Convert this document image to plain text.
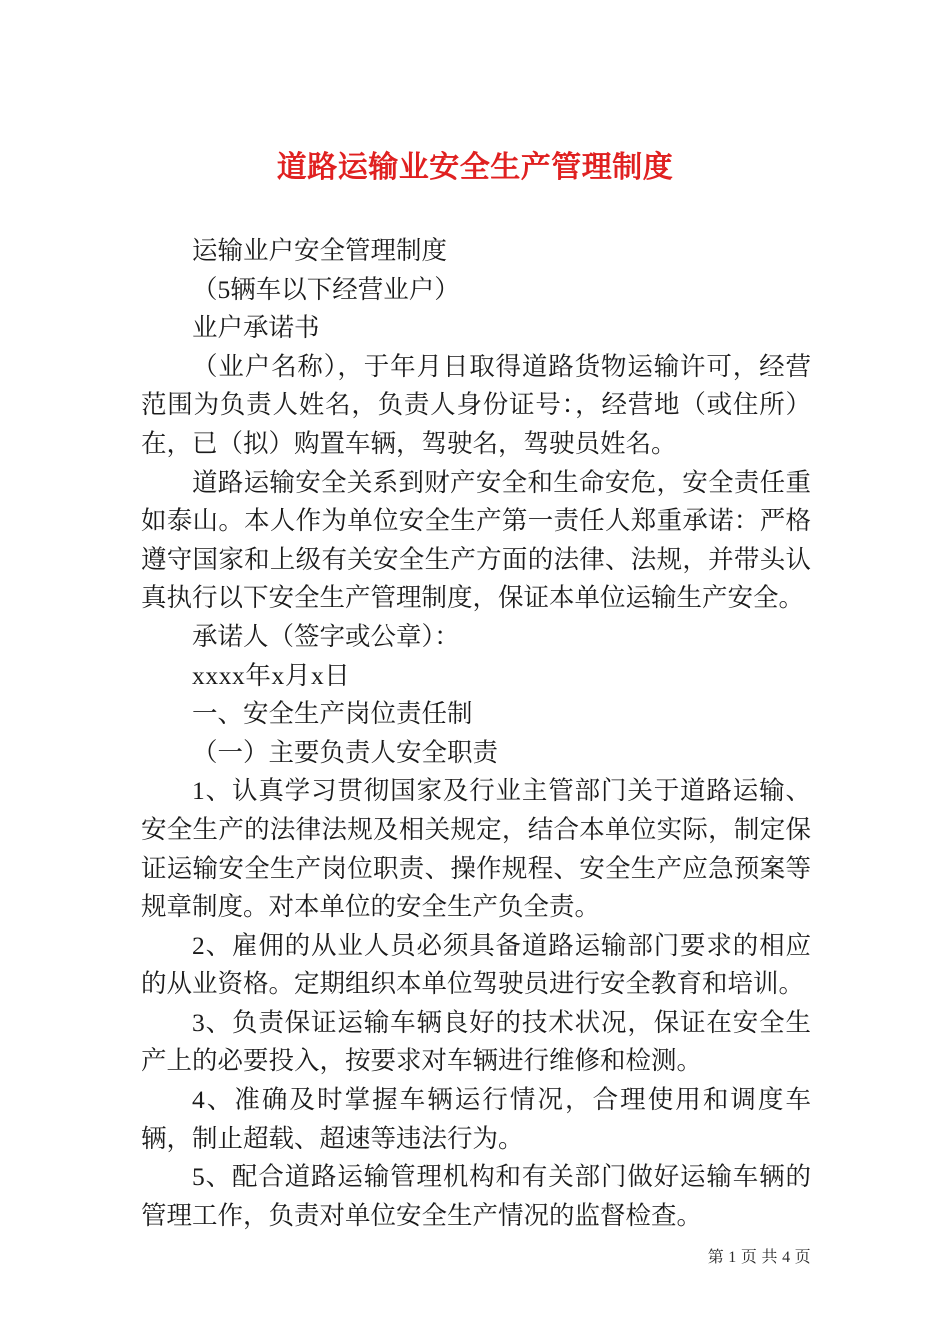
道路运输业安全生产管理制度

运输业户安全管理制度

（5辆车以下经营业户）

业户承诺书

（业户名称），于年月日取得道路货物运输许可，经营范围为负责人姓名，负责人身份证号：，经营地（或住所）在，已（拟）购置车辆，驾驶名，驾驶员姓名。

道路运输安全关系到财产安全和生命安危，安全责任重如泰山。本人作为单位安全生产第一责任人郑重承诺：严格遵守国家和上级有关安全生产方面的法律、法规，并带头认真执行以下安全生产管理制度，保证本单位运输生产安全。

承诺人（签字或公章）：

xxxx年x月x日

一、安全生产岗位责任制

（一）主要负责人安全职责

1、认真学习贯彻国家及行业主管部门关于道路运输、安全生产的法律法规及相关规定，结合本单位实际，制定保证运输安全生产岗位职责、操作规程、安全生产应急预案等规章制度。对本单位的安全生产负全责。

2、雇佣的从业人员必须具备道路运输部门要求的相应的从业资格。定期组织本单位驾驶员进行安全教育和培训。

3、负责保证运输车辆良好的技术状况，保证在安全生产上的必要投入，按要求对车辆进行维修和检测。

4、准确及时掌握车辆运行情况，合理使用和调度车辆，制止超载、超速等违法行为。

5、配合道路运输管理机构和有关部门做好运输车辆的管理工作，负责对单位安全生产情况的监督检查。

第 1 页 共 4 页
